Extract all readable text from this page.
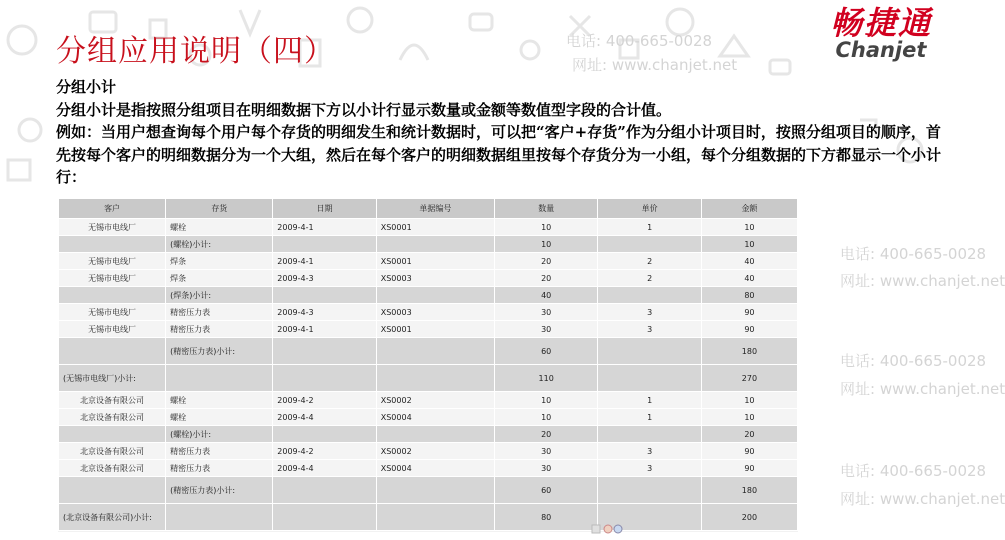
电话: 400-665-0028
网址: www.chanjet.net
电话: 400-665-0028
网址: www.chanjet.net
电话: 400-665-0028
网址: www.chanjet.net
电话: 400-665-0028
网址: www.chanjet.net
分组应用说明（四）
畅捷通
Chanjet

分组小计

分组小计是指按照分组项目在明细数据下方以小计行显示数量或金额等数值型字段的合计值。

例如：当用户想查询每个用户每个存货的明细发生和统计数据时，可以把“客户+存货”作为分组小计项目时，按照分组项目的顺序，首先按每个客户的明细数据分为一个大组，然后在每个客户的明细数据组里按每个存货分为一小组，每个分组数据的下方都显示一个小计行：

客户	存货	日期	单据编号	数量	单价	金额
无锡市电线厂	螺栓	2009-4-1	XS0001	10	1	10
	(螺栓)小计:			10		10
无锡市电线厂	焊条	2009-4-1	XS0001	20	2	40
无锡市电线厂	焊条	2009-4-3	XS0003	20	2	40
	(焊条)小计:			40		80
无锡市电线厂	精密压力表	2009-4-3	XS0003	30	3	90
无锡市电线厂	精密压力表	2009-4-1	XS0001	30	3	90
	(精密压力表)小计:			60		180
(无锡市电线厂)小计:				110		270
北京设备有限公司	螺栓	2009-4-2	XS0002	10	1	10
北京设备有限公司	螺栓	2009-4-4	XS0004	10	1	10
	(螺栓)小计:			20		20
北京设备有限公司	精密压力表	2009-4-2	XS0002	30	3	90
北京设备有限公司	精密压力表	2009-4-4	XS0004	30	3	90
	(精密压力表)小计:			60		180
(北京设备有限公司)小计:				80		200
